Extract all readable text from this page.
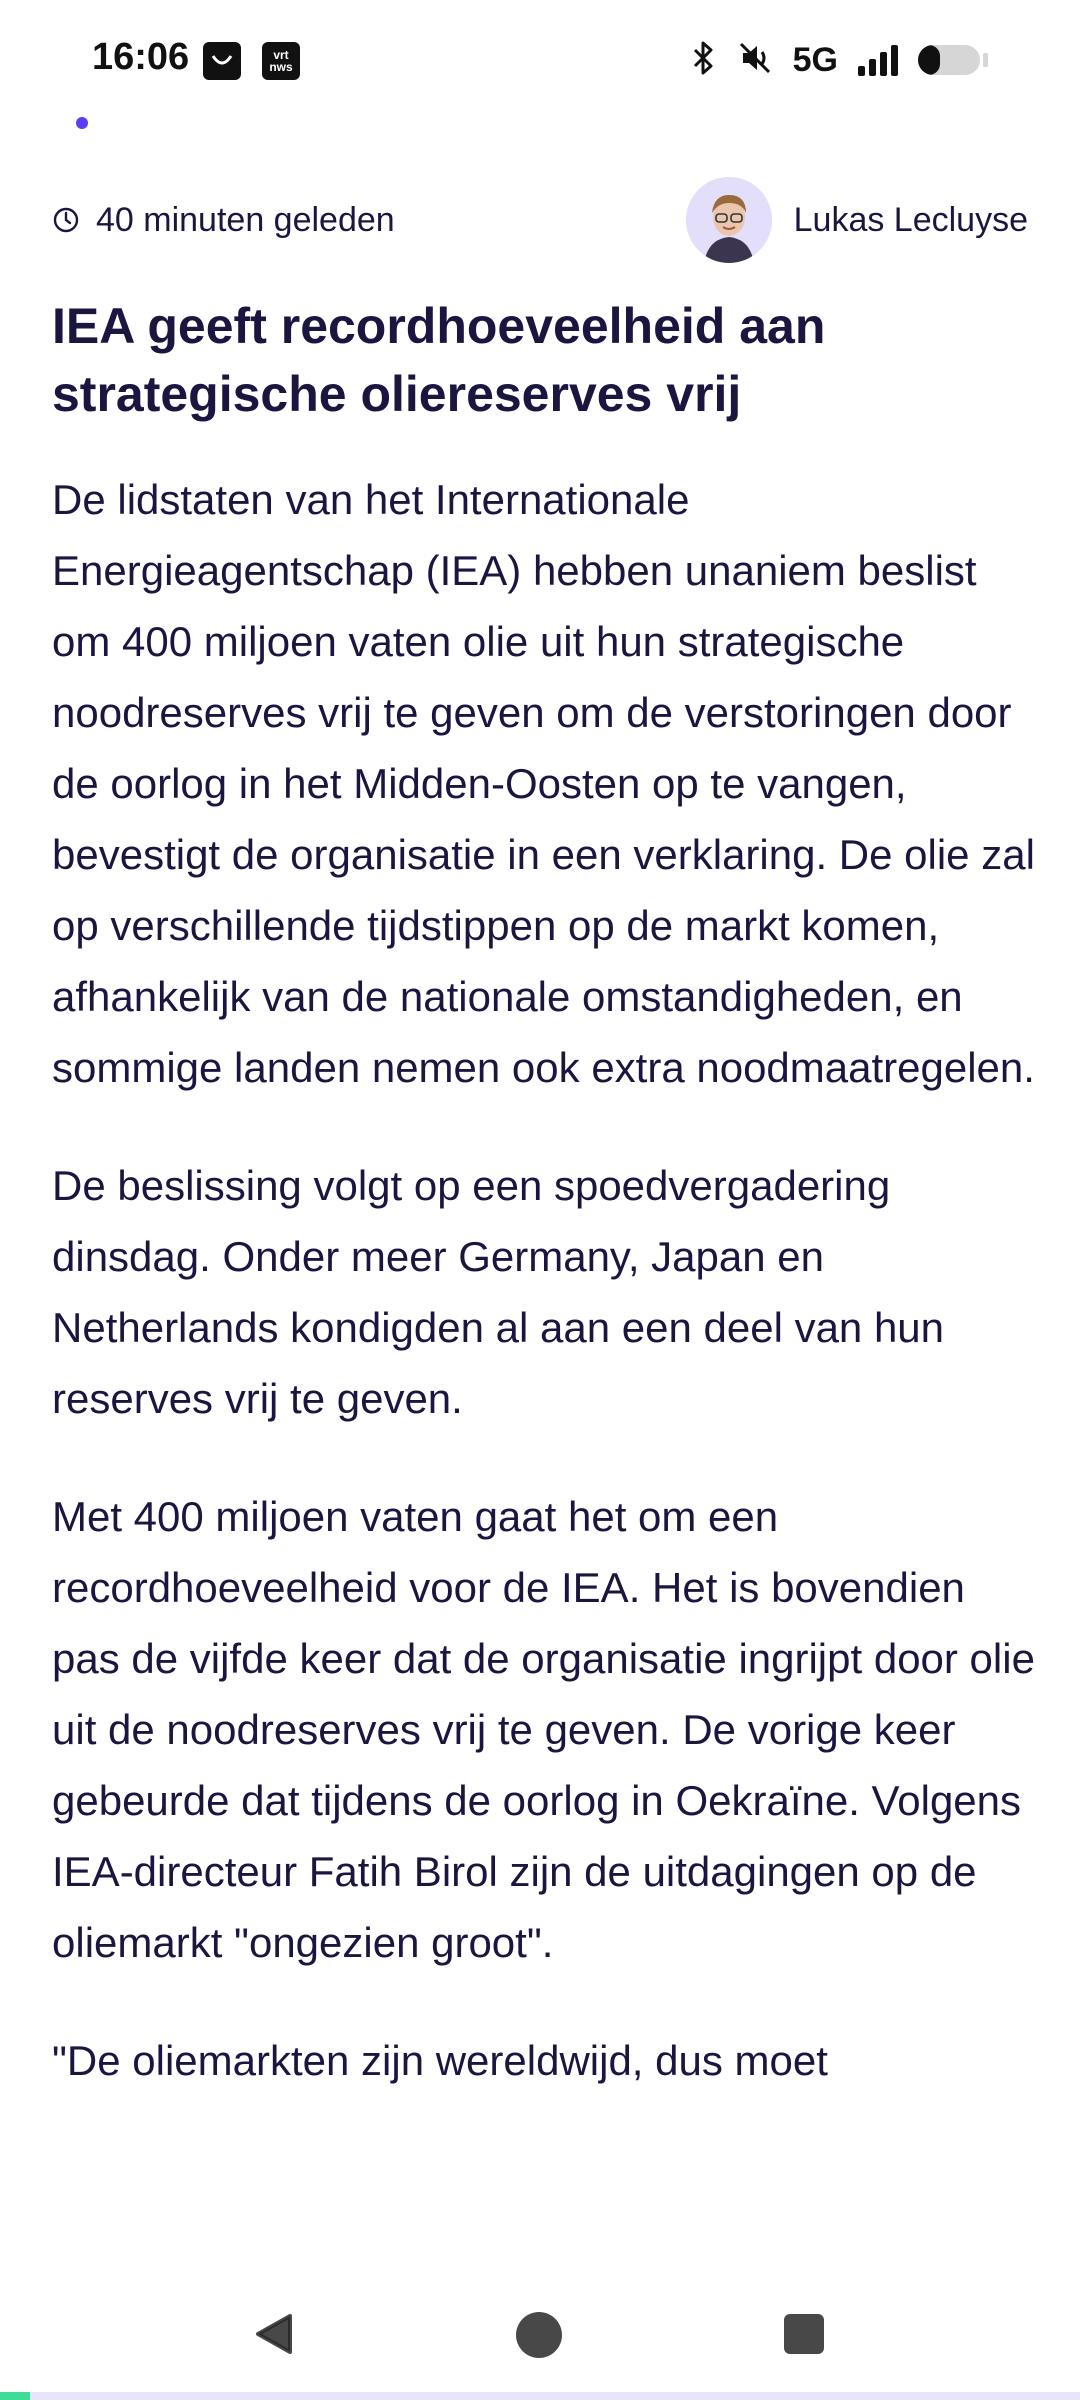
16:06	vrt
nws	5G
40 minuten geleden	Lukas Lecluyse
IEA geeft recordhoeveelheid aan strategische oliereserves vrij

De lidstaten van het Internationale Energieagentschap (IEA) hebben unaniem beslist om 400 miljoen vaten olie uit hun strategische noodreserves vrij te geven om de verstoringen door de oorlog in het Midden-Oosten op te vangen, bevestigt de organisatie in een verklaring. De olie zal op verschillende tijdstippen op de markt komen, afhankelijk van de nationale omstandigheden, en sommige landen nemen ook extra noodmaatregelen.

De beslissing volgt op een spoedvergadering dinsdag. Onder meer Germany, Japan en Netherlands kondigden al aan een deel van hun reserves vrij te geven.

Met 400 miljoen vaten gaat het om een recordhoeveelheid voor de IEA. Het is bovendien pas de vijfde keer dat de organisatie ingrijpt door olie uit de noodreserves vrij te geven. De vorige keer gebeurde dat tijdens de oorlog in Oekraïne. Volgens IEA-directeur Fatih Birol zijn de uitdagingen op de oliemarkt "ongezien groot".

"De oliemarkten zijn wereldwijd, dus moet
